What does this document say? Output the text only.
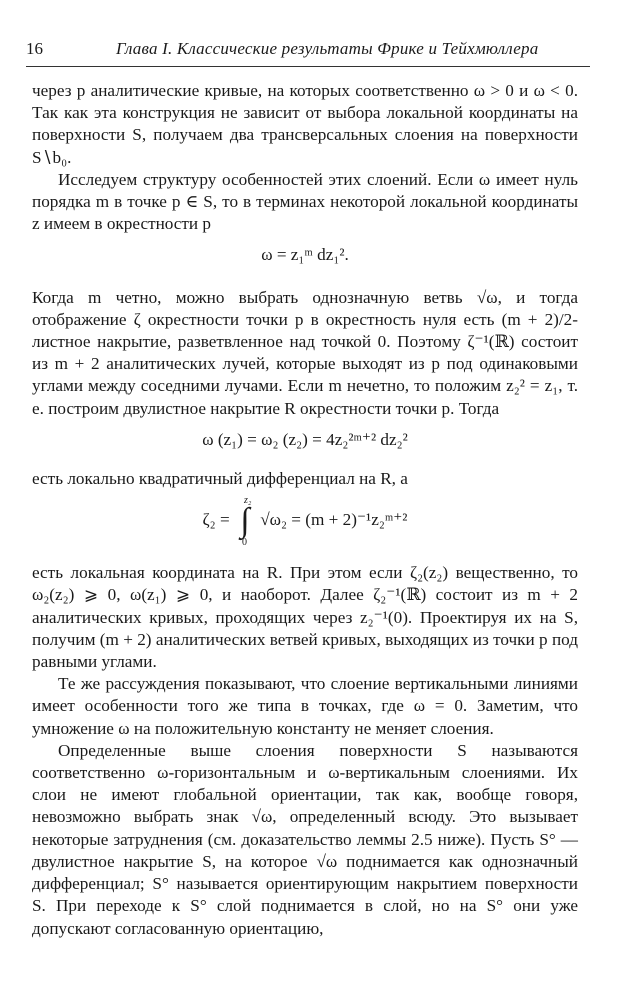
16	Глава I. Классические результаты Фрике и Тейхмюллера

через p аналитические кривые, на которых соответственно ω > 0 и ω < 0. Так как эта конструкция не зависит от выбора локальной координаты на поверхности S, получаем два трансверсальных слоения на поверхности S∖b₀.

Исследуем структуру особенностей этих слоений. Если ω имеет нуль порядка m в точке p ∈ S, то в терминах некоторой локальной координаты z имеем в окрестности p

ω = z₁ᵐ dz₁².

Когда m четно, можно выбрать однозначную ветвь √ω, и тогда отображение ζ окрестности точки p в окрестность нуля есть (m + 2)/2-листное накрытие, разветвленное над точкой 0. Поэтому ζ⁻¹(ℝ) состоит из m + 2 аналитических лучей, которые выходят из p под одинаковыми углами между соседними лучами. Если m нечетно, то положим z₂² = z₁, т. е. построим двулистное накрытие R окрестности точки p. Тогда

ω (z₁) = ω₂ (z₂) = 4z₂²ᵐ⁺² dz₂²

есть локально квадратичный дифференциал на R, а

ζ₂ =
z₂
∫
0
√ω₂ = (m + 2)⁻¹z₂ᵐ⁺²

есть локальная координата на R. При этом если ζ₂(z₂) вещественно, то ω₂(z₂) ⩾ 0, ω(z₁) ⩾ 0, и наоборот. Далее ζ₂⁻¹(ℝ) состоит из m + 2 аналитических кривых, проходящих через z₂⁻¹(0). Проектируя их на S, получим (m + 2) аналитических ветвей кривых, выходящих из точки p под равными углами.

Те же рассуждения показывают, что слоение вертикальными линиями имеет особенности того же типа в точках, где ω = 0. Заметим, что умножение ω на положительную константу не меняет слоения.

Определенные выше слоения поверхности S называются соответственно ω-горизонтальным и ω-вертикальным слоениями. Их слои не имеют глобальной ориентации, так как, вообще говоря, невозможно выбрать знак √ω, определенный всюду. Это вызывает некоторые затруднения (см. доказательство леммы 2.5 ниже). Пусть S° — двулистное накрытие S, на которое √ω поднимается как однозначный дифференциал; S° называется ориентирующим накрытием поверхности S. При переходе к S° слой поднимается в слой, но на S° они уже допускают согласованную ориентацию,
